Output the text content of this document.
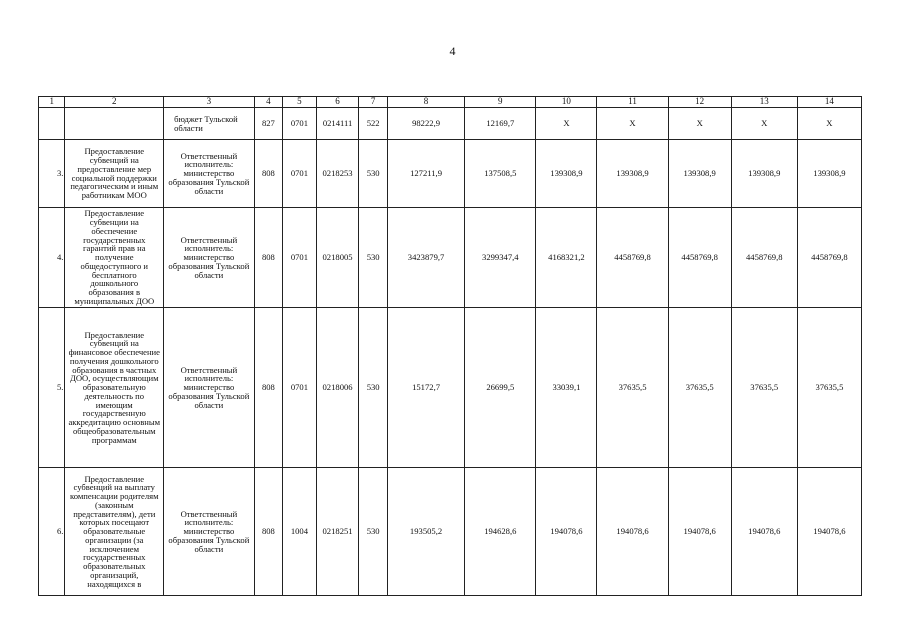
4
1	2	3	4	5	6	7	8	9	10	11	12	13	14
		бюджет Тульской области	827	0701	0214111	522	98222,9	12169,7	Х	Х	Х	Х	Х
3.	Предоставление субвенций на предоставление мер социальной поддержки педагогическим и иным работникам МОО	Ответственный исполнитель: министерство образования Тульской области	808	0701	0218253	530	127211,9	137508,5	139308,9	139308,9	139308,9	139308,9	139308,9
4.	Предоставление субвенции на обеспечение государственных гарантий прав на получение общедоступного и бесплатного дошкольного образования в муниципальных ДОО	Ответственный исполнитель: министерство образования Тульской области	808	0701	0218005	530	3423879,7	3299347,4	4168321,2	4458769,8	4458769,8	4458769,8	4458769,8
5.	Предоставление субвенций на финансовое обеспечение получения дошкольного образования в частных ДОО, осуществляющим образовательную деятельность по имеющим государственную аккредитацию основным общеобразовательным программам	Ответственный исполнитель: министерство образования Тульской области	808	0701	0218006	530	15172,7	26699,5	33039,1	37635,5	37635,5	37635,5	37635,5
6.	Предоставление субвенций на выплату компенсации родителям (законным представителям), дети которых посещают образовательные организации (за исключением государственных образовательных организаций, находящихся в	Ответственный исполнитель: министерство образования Тульской области	808	1004	0218251	530	193505,2	194628,6	194078,6	194078,6	194078,6	194078,6	194078,6
